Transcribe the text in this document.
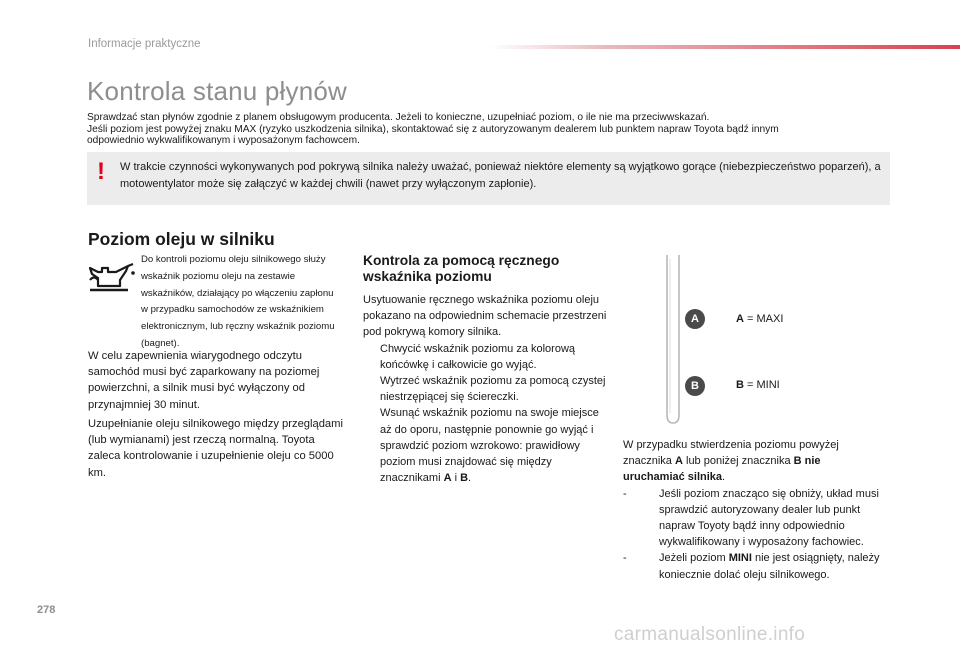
Informacje praktyczne
Kontrola stanu płynów
Sprawdzać stan płynów zgodnie z planem obsługowym producenta. Jeżeli to konieczne, uzupełniać poziom, o ile nie ma przeciwwskazań.
Jeśli poziom jest powyżej znaku MAX (ryzyko uszkodzenia silnika), skontaktować się z autoryzowanym dealerem lub punktem napraw Toyota bądź innym
odpowiednio wykwalifikowanym i wyposażonym fachowcem.
! W trakcie czynności wykonywanych pod pokrywą silnika należy uważać, ponieważ niektóre elementy są wyjątkowo gorące (niebezpieczeństwo poparzeń), a motowentylator może się załączyć w każdej chwili (nawet przy wyłączonym zapłonie).
Poziom oleju w silniku
Do kontroli poziomu oleju silnikowego służy wskaźnik poziomu oleju na zestawie wskaźników, działający po włączeniu zapłonu w przypadku samochodów ze wskaźnikiem elektronicznym, lub ręczny wskaźnik poziomu (bagnet).
W celu zapewnienia wiarygodnego odczytu samochód musi być zaparkowany na poziomej powierzchni, a silnik musi być wyłączony od przynajmniej 30 minut.
Uzupełnianie oleju silnikowego między przeglądami (lub wymianami) jest rzeczą normalną. Toyota zaleca kontrolowanie i uzupełnienie oleju co 5000 km.
Kontrola za pomocą ręcznego wskaźnika poziomu
Usytuowanie ręcznego wskaźnika poziomu oleju pokazano na odpowiednim schemacie przestrzeni pod pokrywą komory silnika.
Chwycić wskaźnik poziomu za kolorową końcówkę i całkowicie go wyjąć.
Wytrzeć wskaźnik poziomu za pomocą czystej niestrzępiącej się ściereczki.
Wsunąć wskaźnik poziomu na swoje miejsce aż do oporu, następnie ponownie go wyjąć i sprawdzić poziom wzrokowo: prawidłowy poziom musi znajdować się między znacznikami A i B.
A
B
A = MAXI
B = MINI
W przypadku stwierdzenia poziomu powyżej znacznika A lub poniżej znacznika B nie uruchamiać silnika.
-	Jeśli poziom znacząco się obniży, układ musi sprawdzić autoryzowany dealer lub punkt napraw Toyoty bądź inny odpowiednio wykwalifikowany i wyposażony fachowiec.
-	Jeżeli poziom MINI nie jest osiągnięty, należy koniecznie dolać oleju silnikowego.
278
carmanualsonline.info
